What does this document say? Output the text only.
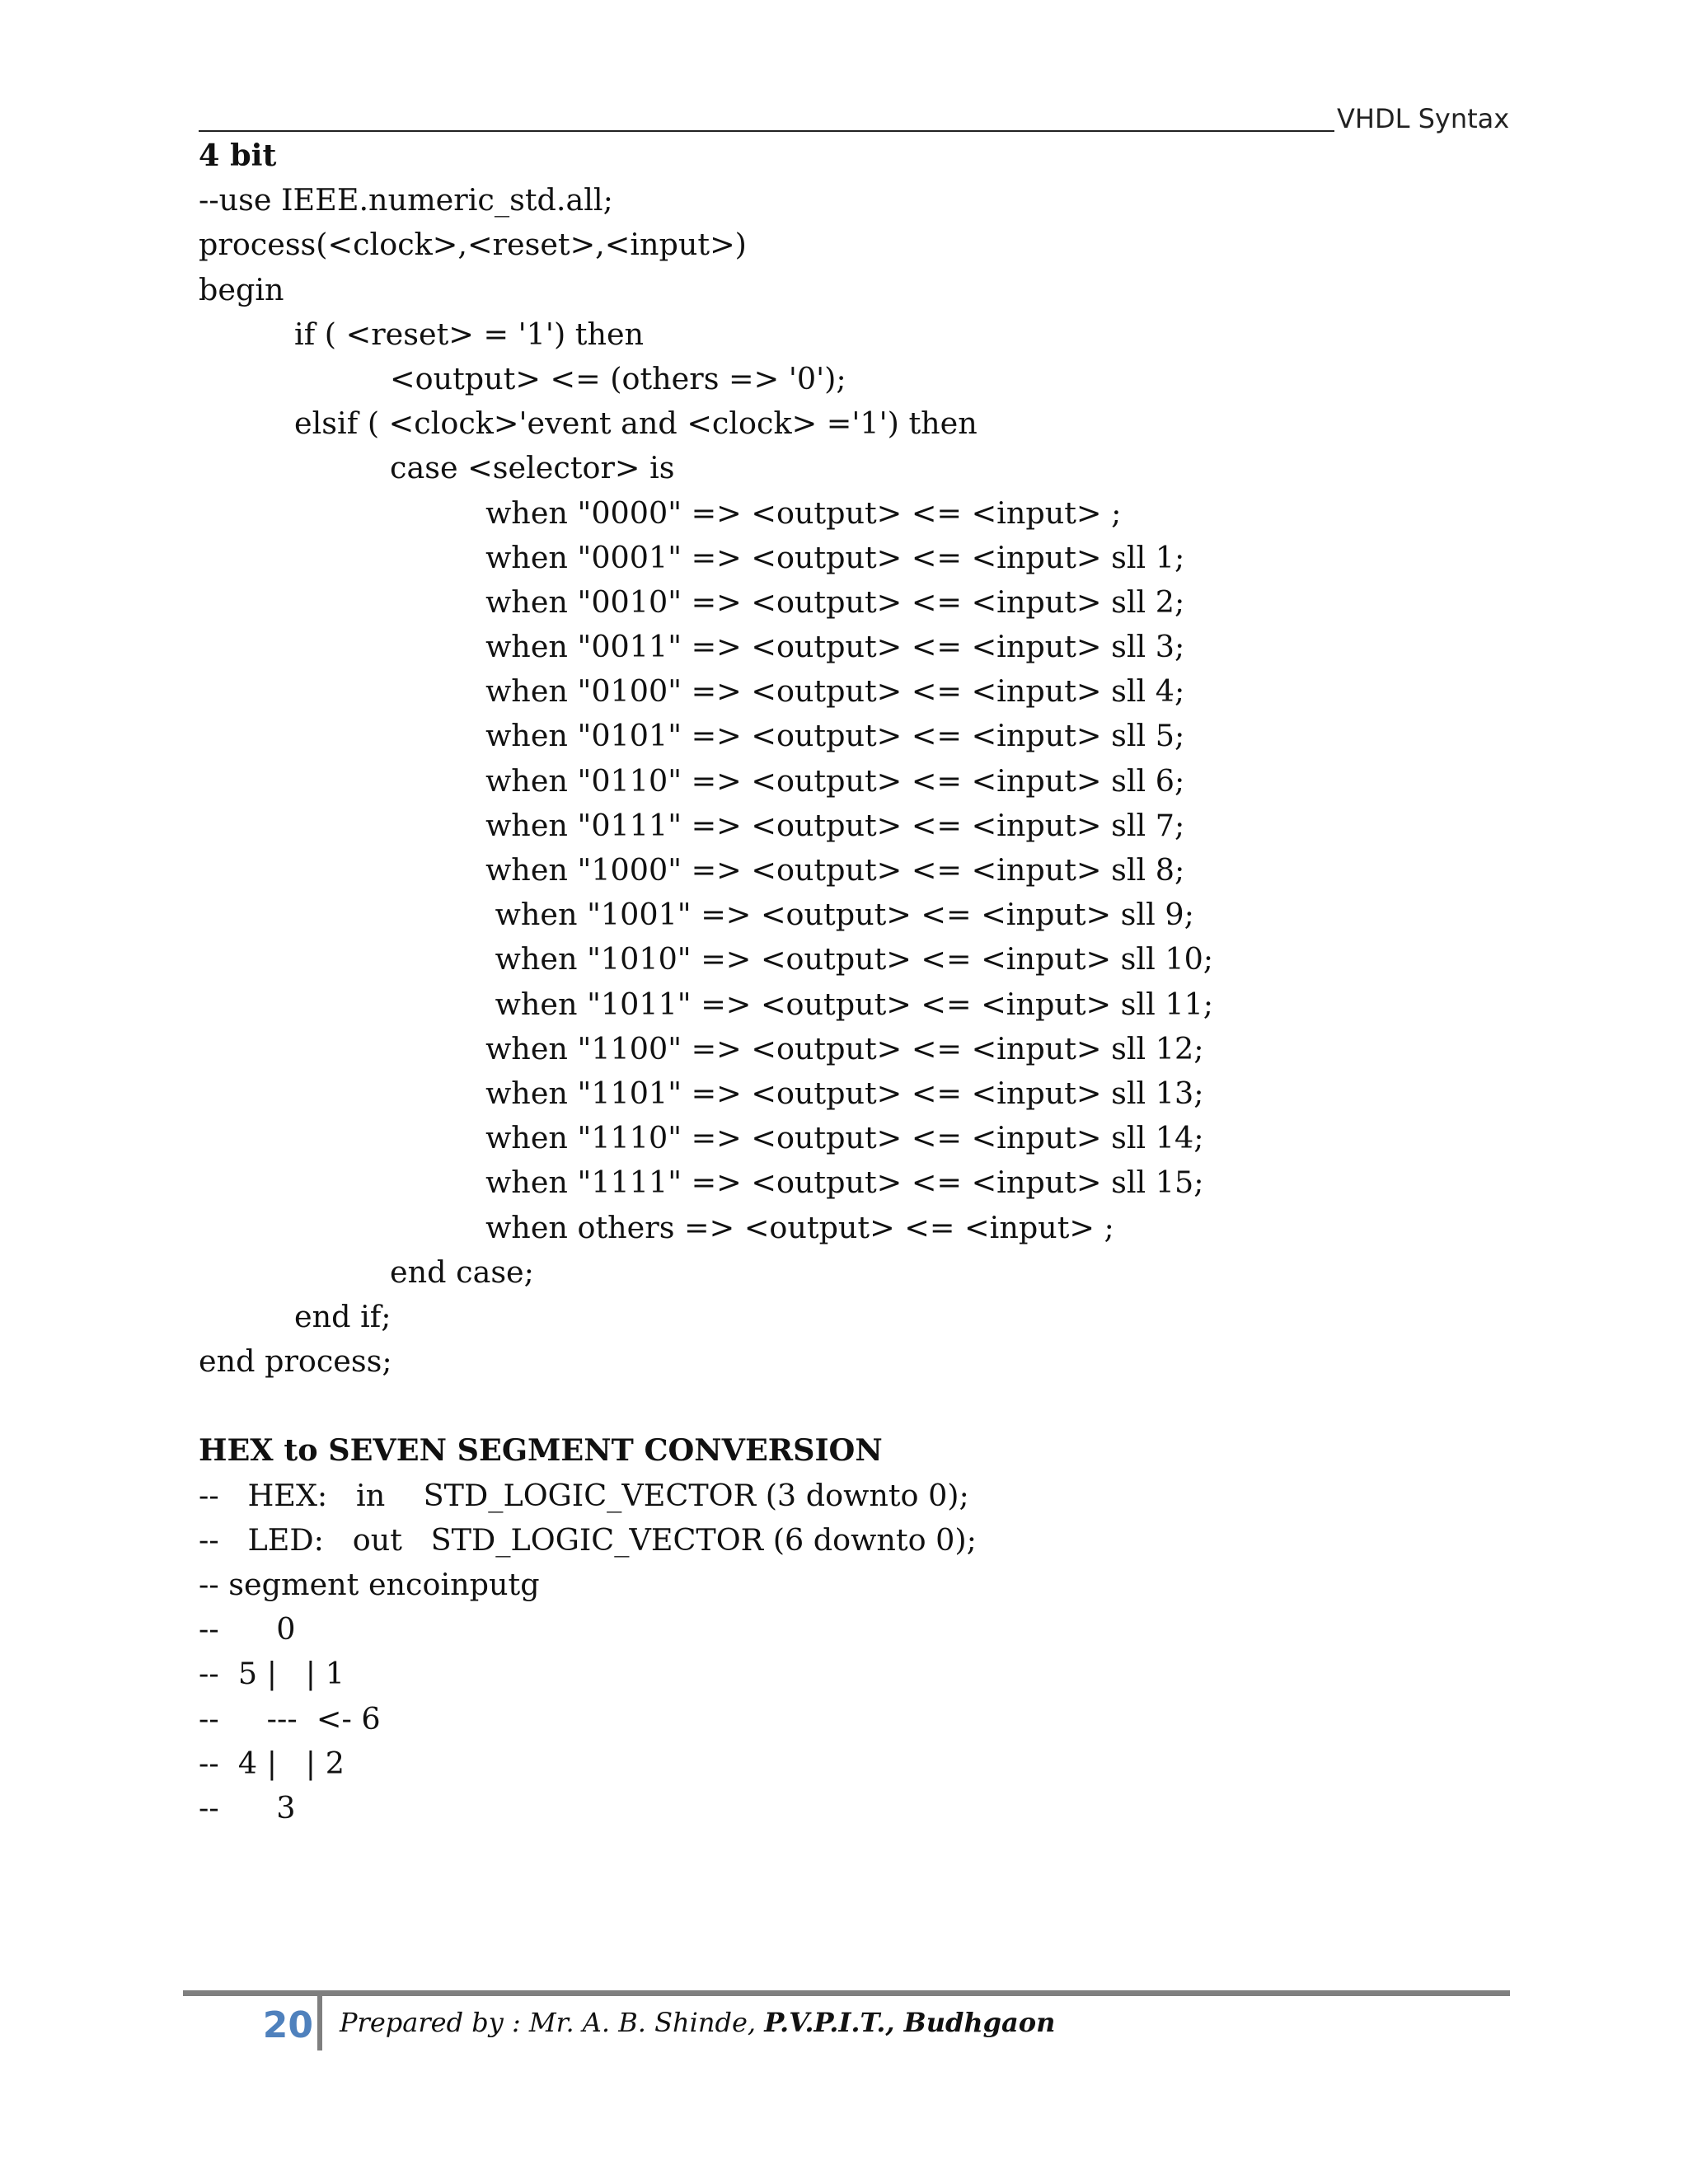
VHDL Syntax
4 bit
--use IEEE.numeric_std.all;
process(<clock>,<reset>,<input>)
begin
if ( <reset> = '1') then
<output> <= (others => '0');
elsif ( <clock>'event and <clock> ='1') then
case <selector> is
when "0000" => <output> <= <input> ;
when "0001" => <output> <= <input> sll 1;
when "0010" => <output> <= <input> sll 2;
when "0011" => <output> <= <input> sll 3;
when "0100" => <output> <= <input> sll 4;
when "0101" => <output> <= <input> sll 5;
when "0110" => <output> <= <input> sll 6;
when "0111" => <output> <= <input> sll 7;
when "1000" => <output> <= <input> sll 8;
when "1001" => <output> <= <input> sll 9;
when "1010" => <output> <= <input> sll 10;
when "1011" => <output> <= <input> sll 11;
when "1100" => <output> <= <input> sll 12;
when "1101" => <output> <= <input> sll 13;
when "1110" => <output> <= <input> sll 14;
when "1111" => <output> <= <input> sll 15;
when others => <output> <= <input> ;
end case;
end if;
end process;
HEX to SEVEN SEGMENT CONVERSION
--   HEX:   in    STD_LOGIC_VECTOR (3 downto 0);
--   LED:   out   STD_LOGIC_VECTOR (6 downto 0);
-- segment encoinputg
--      0
--  5 |   | 1
--     ---  <- 6
--  4 |   | 2
--      3
20 Prepared by : Mr. A. B. Shinde, P.V.P.I.T., Budhgaon
